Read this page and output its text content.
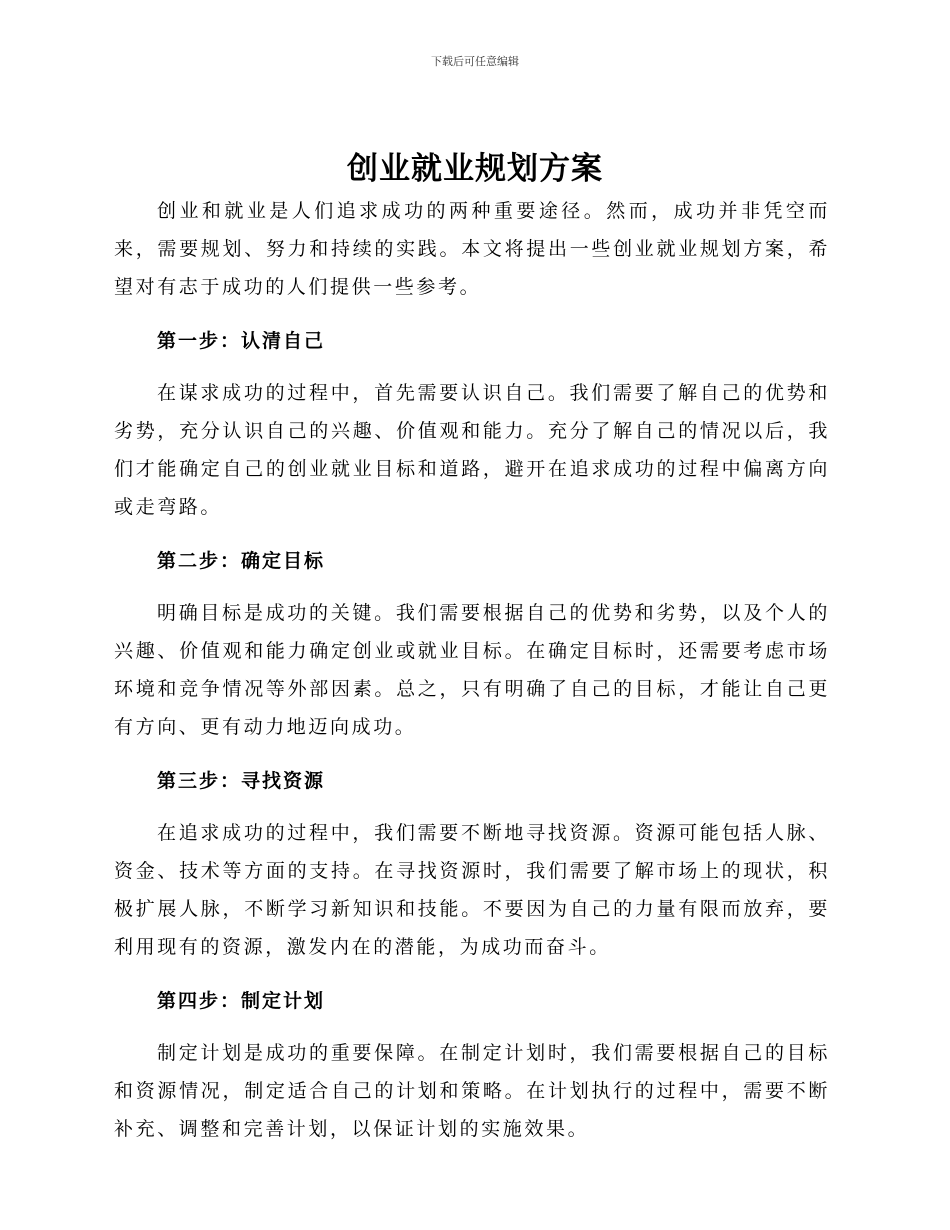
下载后可任意编辑
创业就业规划方案

创业和就业是人们追求成功的两种重要途径。然而，成功并非凭空而来，需要规划、努力和持续的实践。本文将提出一些创业就业规划方案，希望对有志于成功的人们提供一些参考。

第一步：认清自己

在谋求成功的过程中，首先需要认识自己。我们需要了解自己的优势和劣势，充分认识自己的兴趣、价值观和能力。充分了解自己的情况以后，我们才能确定自己的创业就业目标和道路，避开在追求成功的过程中偏离方向或走弯路。

第二步：确定目标

明确目标是成功的关键。我们需要根据自己的优势和劣势，以及个人的兴趣、价值观和能力确定创业或就业目标。在确定目标时，还需要考虑市场环境和竞争情况等外部因素。总之，只有明确了自己的目标，才能让自己更有方向、更有动力地迈向成功。

第三步：寻找资源

在追求成功的过程中，我们需要不断地寻找资源。资源可能包括人脉、资金、技术等方面的支持。在寻找资源时，我们需要了解市场上的现状，积极扩展人脉，不断学习新知识和技能。不要因为自己的力量有限而放弃，要利用现有的资源，激发内在的潜能，为成功而奋斗。

第四步：制定计划

制定计划是成功的重要保障。在制定计划时，我们需要根据自己的目标和资源情况，制定适合自己的计划和策略。在计划执行的过程中，需要不断补充、调整和完善计划，以保证计划的实施效果。
